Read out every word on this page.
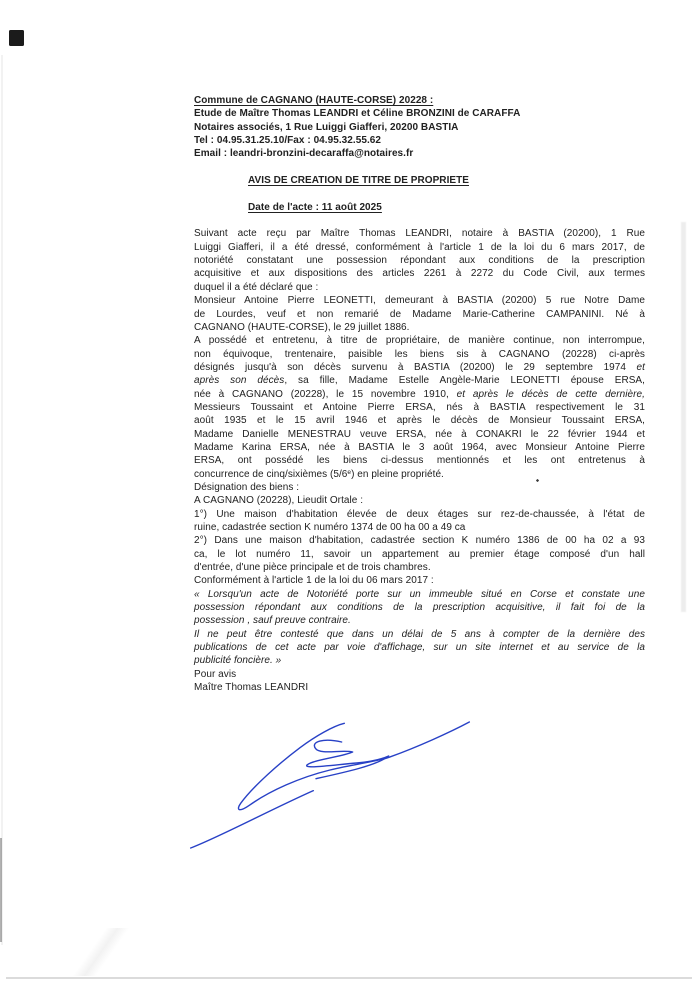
Commune de CAGNANO (HAUTE-CORSE) 20228 :
Etude de Maître Thomas LEANDRI et Céline BRONZINI de CARAFFA
Notaires associés, 1 Rue Luiggi Giafferi, 20200 BASTIA
Tel : 04.95.31.25.10/Fax : 04.95.32.55.62
Email : leandri-bronzini-decaraffa@notaires.fr
AVIS DE CREATION DE TITRE DE PROPRIETE
Date de l'acte : 11 août 2025
Suivant acte reçu par Maître Thomas LEANDRI, notaire à BASTIA (20200), 1 Rue
Luiggi Giafferi, il a été dressé, conformément à l'article 1 de la loi du 6 mars 2017, de
notoriété constatant une possession répondant aux conditions de la prescription
acquisitive et aux dispositions des articles 2261 à 2272 du Code Civil, aux termes
duquel il a été déclaré que :
Monsieur Antoine Pierre LEONETTI, demeurant à BASTIA (20200) 5 rue Notre Dame
de Lourdes, veuf et non remarié de Madame Marie-Catherine CAMPANINI. Né à
CAGNANO (HAUTE-CORSE), le 29 juillet 1886.
A possédé et entretenu, à titre de propriétaire, de manière continue, non interrompue,
non équivoque, trentenaire, paisible les biens sis à CAGNANO (20228) ci-après
désignés jusqu'à son décès survenu à BASTIA (20200) le 29 septembre 1974 et
après son décès, sa fille, Madame Estelle Angèle-Marie LEONETTI épouse ERSA,
née à CAGNANO (20228), le 15 novembre 1910, et après le décès de cette dernière,
Messieurs Toussaint et Antoine Pierre ERSA, nés à BASTIA respectivement le 31
août 1935 et le 15 avril 1946 et après le décès de Monsieur Toussaint ERSA,
Madame Danielle MENESTRAU veuve ERSA, née à CONAKRI le 22 février 1944 et
Madame Karina ERSA, née à BASTIA le 3 août 1964, avec Monsieur Antoine Pierre
ERSA, ont possédé les biens ci-dessus mentionnés et les ont entretenus à
concurrence de cinq/sixièmes (5/6e) en pleine propriété.
Désignation des biens :
A CAGNANO (20228), Lieudit Ortale :
1°) Une maison d'habitation élevée de deux étages sur rez-de-chaussée, à l'état de
ruine, cadastrée section K numéro 1374 de 00 ha 00 a 49 ca
2°) Dans une maison d'habitation, cadastrée section K numéro 1386 de 00 ha 02 a 93
ca, le lot numéro 11, savoir un appartement au premier étage composé d'un hall
d'entrée, d'une pièce principale et de trois chambres.
Conformément à l'article 1 de la loi du 06 mars 2017 :
« Lorsqu'un acte de Notoriété porte sur un immeuble situé en Corse et constate une
possession répondant aux conditions de la prescription acquisitive, il fait foi de la
possession , sauf preuve contraire.
Il ne peut être contesté que dans un délai de 5 ans à compter de la dernière des
publications de cet acte par voie d'affichage, sur un site internet et au service de la
publicité foncière. »
Pour avis
Maître Thomas LEANDRI
